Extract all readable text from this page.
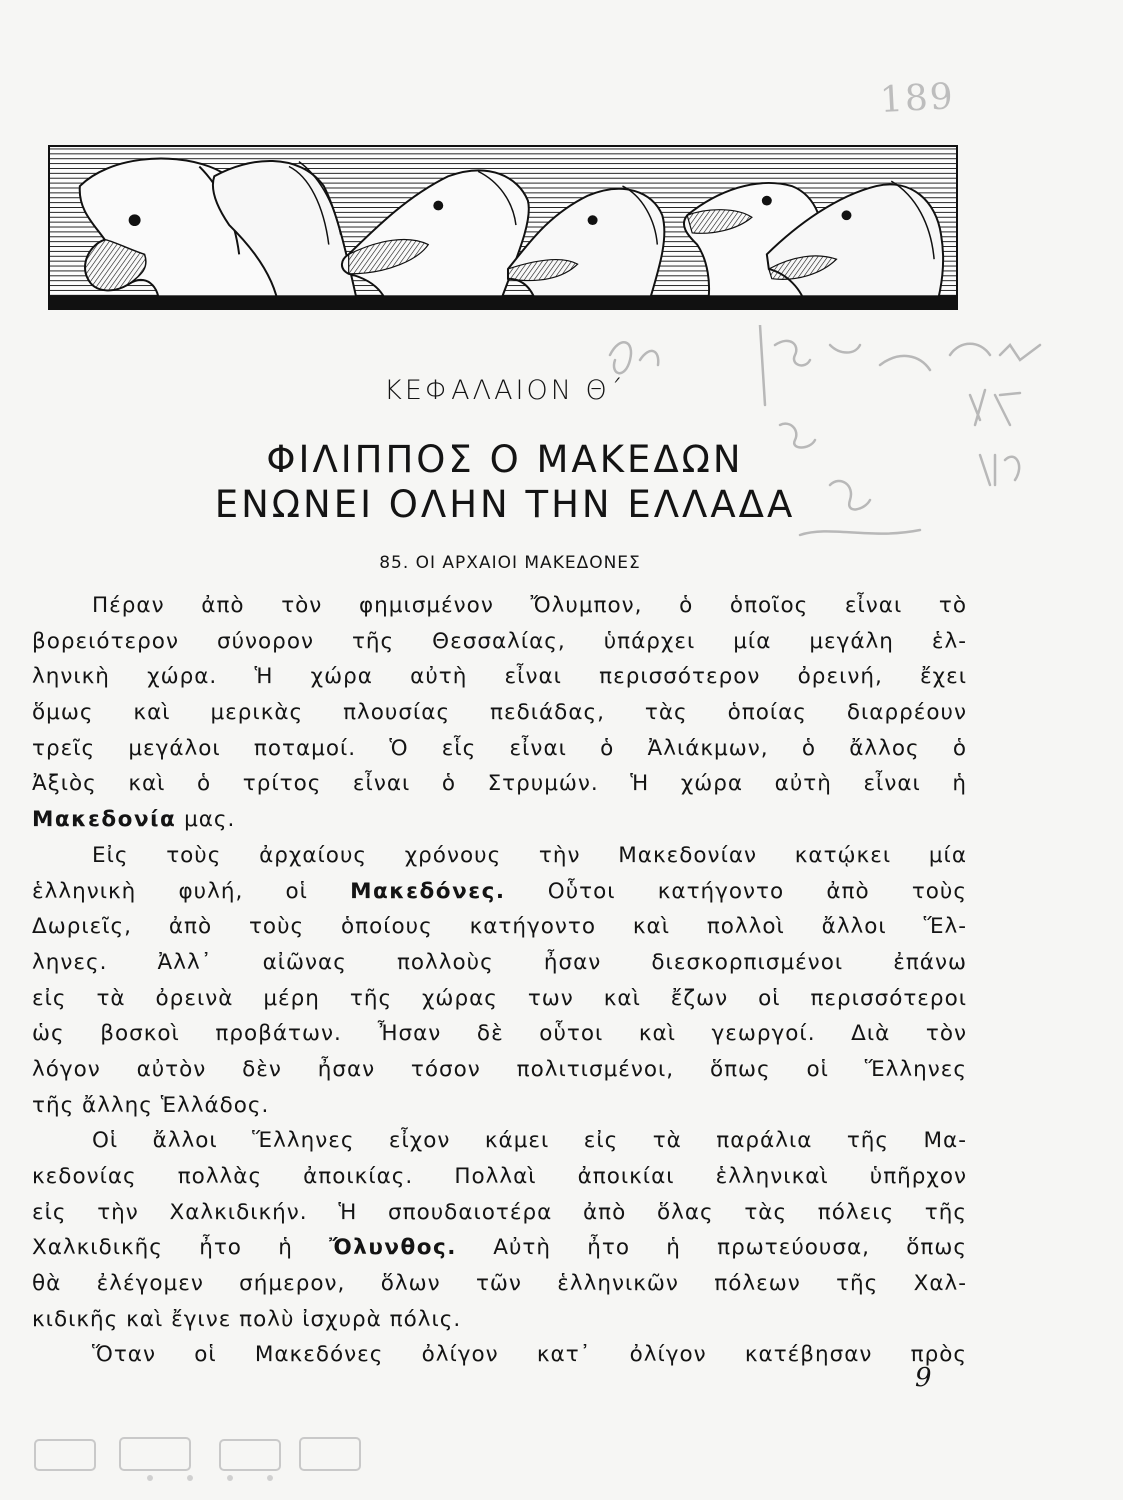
189
ΚΕΦΑΛΑΙΟΝ Θ΄
ΦΙΛΙΠΠΟΣ Ο ΜΑΚΕΔΩΝ
ΕΝΩΝΕΙ ΟΛΗΝ ΤΗΝ ΕΛΛΑΔΑ
85. ΟΙ ΑΡΧΑΙΟΙ ΜΑΚΕΔΟΝΕΣ
Πέραν ἀπὸ τὸν φημισμένον Ὄλυμπον, ὁ ὁποῖος εἶναι τὸ
βορειότερον σύνορον τῆς Θεσσαλίας, ὑπάρχει μία μεγάλη ἑλ-
ληνικὴ χώρα. Ἡ χώρα αὐτὴ εἶναι περισσότερον ὀρεινή, ἔχει
ὅμως καὶ μερικὰς πλουσίας πεδιάδας, τὰς ὁποίας διαρρέουν
τρεῖς μεγάλοι ποταμοί. Ὁ εἷς εἶναι ὁ Ἀλιάκμων, ὁ ἄλλος ὁ
Ἀξιὸς καὶ ὁ τρίτος εἶναι ὁ Στρυμών. Ἡ χώρα αὐτὴ εἶναι ἡ
Μακεδονία μας.
Εἰς τοὺς ἀρχαίους χρόνους τὴν Μακεδονίαν κατῴκει μία
ἑλληνικὴ φυλή, οἱ Μακεδόνες. Οὗτοι κατήγοντο ἀπὸ τοὺς
Δωριεῖς, ἀπὸ τοὺς ὁποίους κατήγοντο καὶ πολλοὶ ἄλλοι Ἕλ-
ληνες. Ἀλλ᾽ αἰῶνας πολλοὺς ἦσαν διεσκορπισμένοι ἐπάνω
εἰς τὰ ὀρεινὰ μέρη τῆς χώρας των καὶ ἔζων οἱ περισσότεροι
ὡς βοσκοὶ προβάτων. Ἦσαν δὲ οὗτοι καὶ γεωργοί. Διὰ τὸν
λόγον αὐτὸν δὲν ἦσαν τόσον πολιτισμένοι, ὅπως οἱ Ἕλληνες
τῆς ἄλλης Ἑλλάδος.
Οἱ ἄλλοι Ἕλληνες εἶχον κάμει εἰς τὰ παράλια τῆς Μα-
κεδονίας πολλὰς ἀποικίας. Πολλαὶ ἀποικίαι ἑλληνικαὶ ὑπῆρχον
εἰς τὴν Χαλκιδικήν. Ἡ σπουδαιοτέρα ἀπὸ ὅλας τὰς πόλεις τῆς
Χαλκιδικῆς ἦτο ἡ Ὄλυνθος. Αὐτὴ ἦτο ἡ πρωτεύουσα, ὅπως
θὰ ἐλέγομεν σήμερον, ὅλων τῶν ἑλληνικῶν πόλεων τῆς Χαλ-
κιδικῆς καὶ ἔγινε πολὺ ἰσχυρὰ πόλις.
Ὅταν οἱ Μακεδόνες ὀλίγον κατ᾽ ὀλίγον κατέβησαν πρὸς
9
